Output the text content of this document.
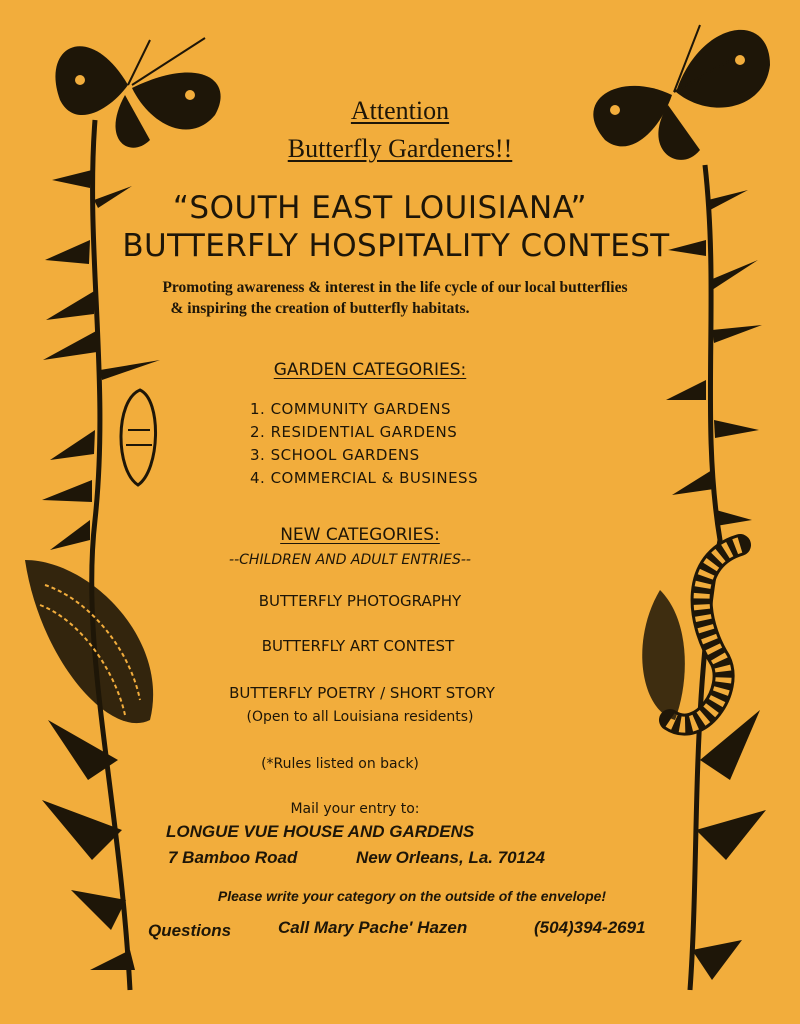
Attention
Butterfly Gardeners!!
“SOUTH EAST LOUISIANA”
BUTTERFLY HOSPITALITY CONTEST
Promoting awareness & interest in the life cycle of our local butterflies
& inspiring the creation of butterfly habitats.
GARDEN CATEGORIES:
1. COMMUNITY GARDENS
2. RESIDENTIAL GARDENS
3. SCHOOL GARDENS
4. COMMERCIAL & BUSINESS
NEW CATEGORIES:
--CHILDREN AND ADULT ENTRIES--
BUTTERFLY PHOTOGRAPHY
BUTTERFLY ART CONTEST
BUTTERFLY POETRY / SHORT STORY
(Open to all Louisiana residents)
(*Rules listed on back)
Mail your entry to:
LONGUE VUE HOUSE AND GARDENS
7 Bamboo Road	New Orleans, La. 70124
Please write your category on the outside of the envelope!
Questions	Call Mary Pache' Hazen	(504)394-2691
